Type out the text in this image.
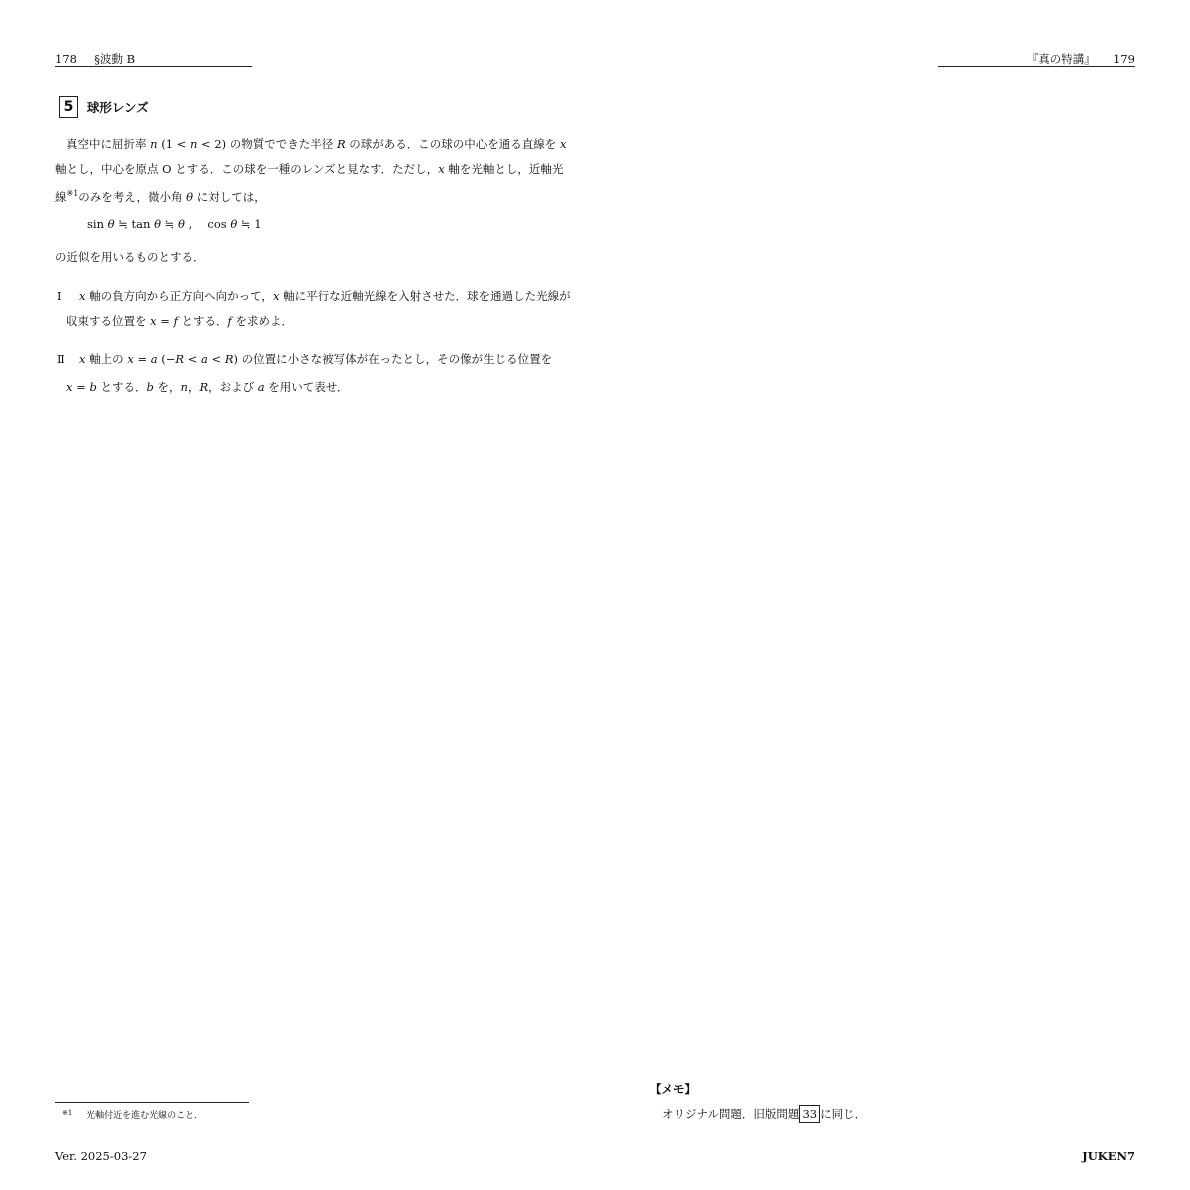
178 §波動 B	『真の特講』 179
5 球形レンズ
真空中に屈折率 n (1 < n < 2) の物質でできた半径 R の球がある．この球の中心を通る直線を x
軸とし，中心を原点 O とする．この球を一種のレンズと見なす．ただし，x 軸を光軸とし，近軸光
線$^{※1}$のみを考え，微小角 θ に対しては，
sin θ ≒ tan θ ≒ θ ,　 cos θ ≒ 1
の近似を用いるものとする．
Ⅰ x 軸の負方向から正方向へ向かって，x 軸に平行な近軸光線を入射させた．球を通過した光線が
収束する位置を x = f とする．f を求めよ．
Ⅱ x 軸上の x = a (−R < a < R) の位置に小さな被写体が在ったとし，その像が生じる位置を
x = b とする．b を，n，R，および a を用いて表せ．
$^{※1}$ 光軸付近を進む光線のこと．
【メモ】
オリジナル問題．旧版問題 33 に同じ．
Ver. 2025-03-27	JUKEN7
